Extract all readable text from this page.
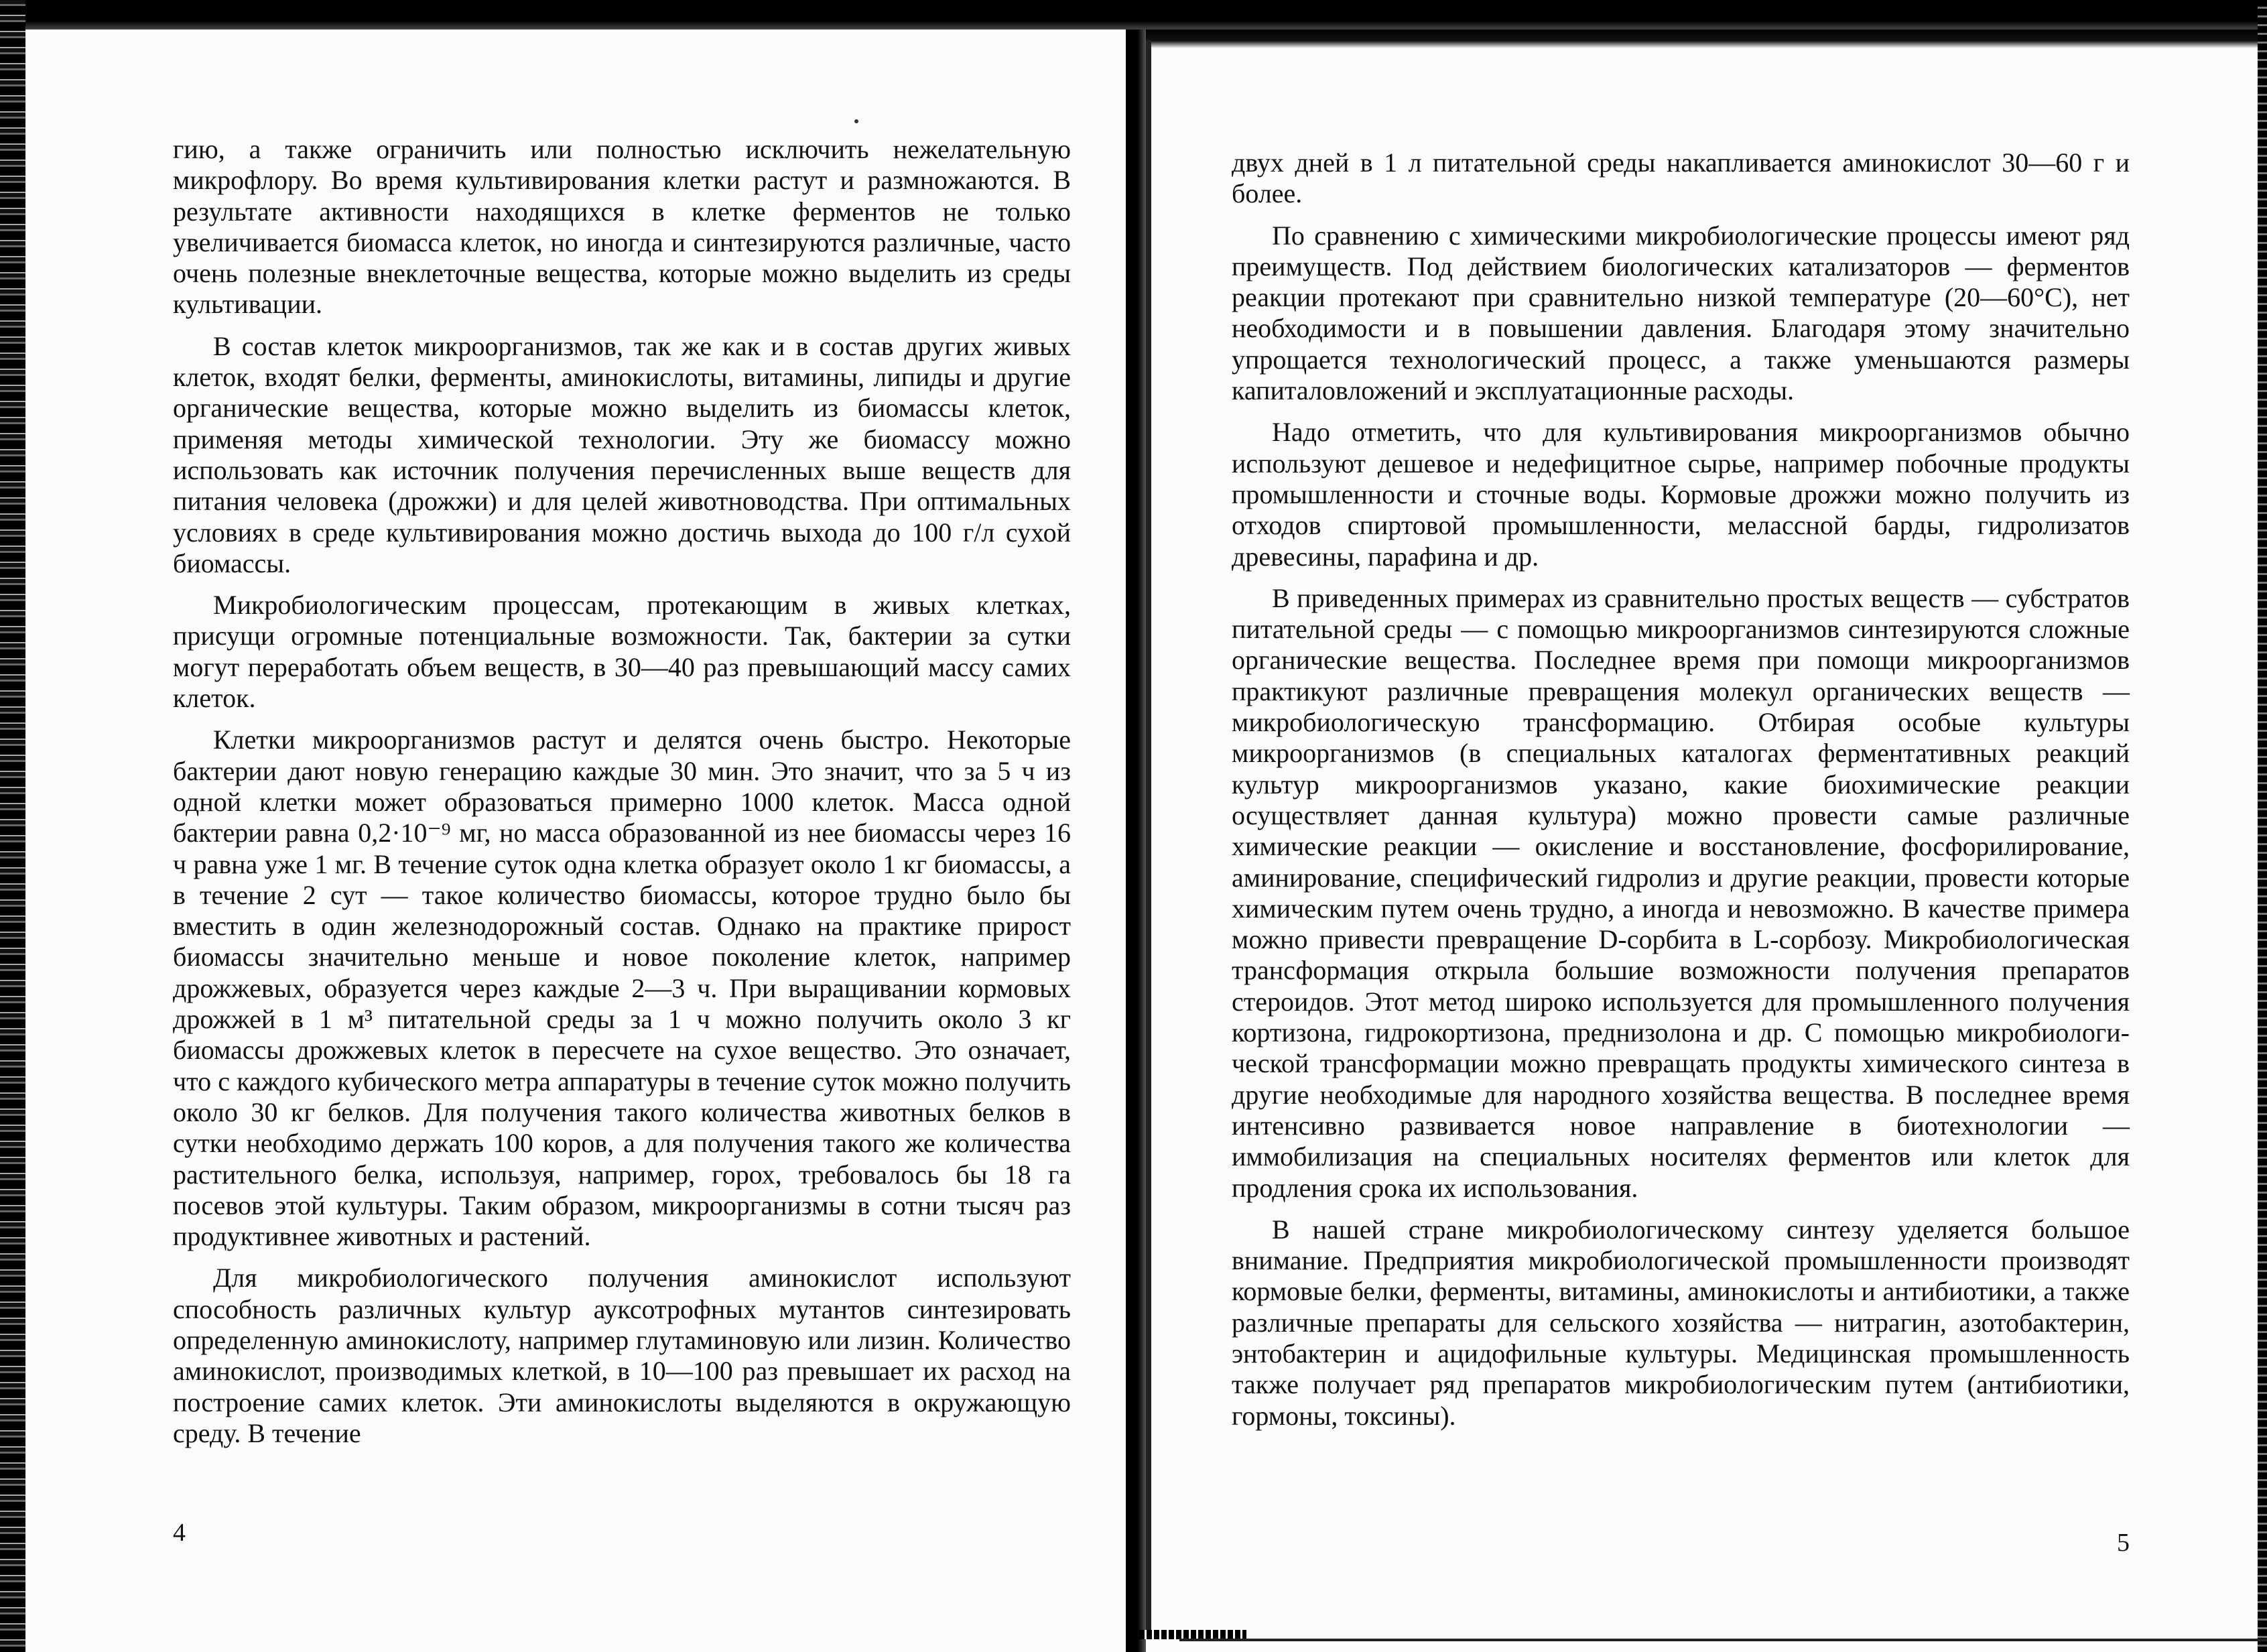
гию, а также ограничить или полностью исключить нежелательную микрофлору. Во время культивирования клетки растут и размножаются. В результате активности находящихся в клетке ферментов не только увеличивается биомасса клеток, но иногда и синтезируются различные, часто очень полезные внеклеточные вещества, которые можно выделить из среды культивации.

В состав клеток микроорганизмов, так же как и в состав других живых клеток, входят белки, ферменты, аминокислоты, витамины, липиды и другие органические вещества, которые можно выделить из биомассы клеток, применяя методы химической технологии. Эту же биомассу можно использовать как источник получения перечисленных выше веществ для питания человека (дрожжи) и для целей животноводства. При оптимальных условиях в среде культивирования можно достичь выхода до 100 г/л сухой биомассы.

Микробиологическим процессам, протекающим в живых клетках, присущи огромные потенциальные возможности. Так, бактерии за сутки могут переработать объем веществ, в 30—40 раз превышающий массу самих клеток.

Клетки микроорганизмов растут и делятся очень быстро. Некоторые бактерии дают новую генерацию каждые 30 мин. Это значит, что за 5 ч из одной клетки может образоваться примерно 1000 клеток. Масса одной бактерии равна 0,2·10⁻⁹ мг, но масса образованной из нее биомассы через 16 ч равна уже 1 мг. В течение суток одна клетка образует около 1 кг биомассы, а в течение 2 сут — такое количество биомассы, которое трудно было бы вместить в один железнодорожный состав. Однако на практике прирост биомассы значительно меньше и новое поколение клеток, например дрожжевых, образуется через каждые 2—3 ч. При выращивании кормовых дрожжей в 1 м³ питательной среды за 1 ч можно получить около 3 кг биомассы дрожжевых клеток в пересчете на сухое вещество. Это означает, что с каждого кубического метра аппаратуры в течение суток можно получить около 30 кг белков. Для получения такого количества животных белков в сутки необходимо держать 100 коров, а для получения такого же количества растительного белка, используя, например, горох, требовалось бы 18 га посевов этой культуры. Таким образом, микроорганизмы в сотни тысяч раз продуктивнее животных и растений.

Для микробиологического получения аминокислот используют способность различных культур ауксотрофных мутантов синтезировать определенную аминокислоту, например глутаминовую или лизин. Количество аминокислот, производимых клеткой, в 10—100 раз превышает их расход на построение самих клеток. Эти аминокислоты выделяются в окружающую среду. В течение

4

двух дней в 1 л питательной среды накапливается аминокислот 30—60 г и более.

По сравнению с химическими микробиологические процессы имеют ряд преимуществ. Под действием биологических катализаторов — ферментов реакции протекают при сравнительно низкой температуре (20—60°C), нет необходимости и в повышении давления. Благодаря этому значительно упрощается технологический процесс, а также уменьшаются размеры капиталовложений и эксплуатационные расходы.

Надо отметить, что для культивирования микроорганизмов обычно используют дешевое и недефицитное сырье, например побочные продукты промышленности и сточные воды. Кормовые дрожжи можно получить из отходов спиртовой промышленности, мелассной барды, гидролизатов древесины, парафина и др.

В приведенных примерах из сравнительно простых веществ — субстратов питательной среды — с помощью микроорганизмов синтезируются сложные органические вещества. Последнее время при помощи микроорганизмов практикуют различные превращения молекул органических веществ — микробиологическую трансформацию. Отбирая особые культуры микроорганизмов (в специальных каталогах ферментативных реакций культур микроорганизмов указано, какие биохимические реакции осуществляет данная культура) можно провести самые различные химические реакции — окисление и восстановление, фосфорилирование, аминирование, специфический гидролиз и другие реакции, провести которые химическим путем очень трудно, а иногда и невозможно. В качестве примера можно привести превращение D-сорбита в L-сорбозу. Микробиологическая трансформация открыла большие возможности получения препаратов стероидов. Этот метод широко используется для промышленного получения кортизона, гидрокортизона, преднизолона и др. С помощью микробиологической трансформации можно превращать продукты химического синтеза в другие необходимые для народного хозяйства вещества. В последнее время интенсивно развивается новое направление в биотехнологии — иммобилизация на специальных носителях ферментов или клеток для продления срока их использования.

В нашей стране микробиологическому синтезу уделяется большое внимание. Предприятия микробиологической промышленности производят кормовые белки, ферменты, витамины, аминокислоты и антибиотики, а также различные препараты для сельского хозяйства — нитрагин, азотобактерин, энтобактерин и ацидофильные культуры. Медицинская промышленность также получает ряд препаратов микробиологическим путем (антибиотики, гормоны, токсины).

5
